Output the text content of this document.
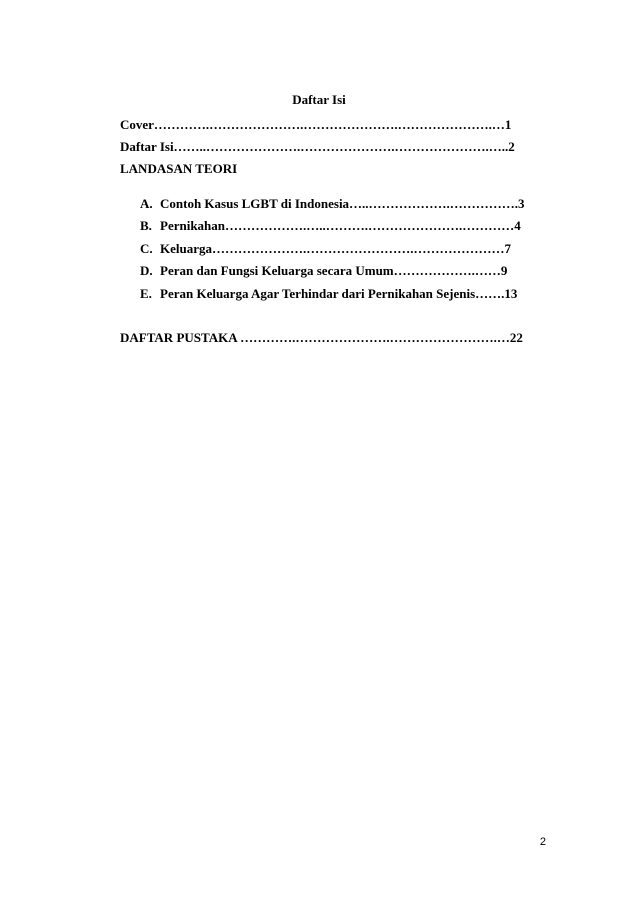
Daftar Isi
Cover………….………………….………………….………………….…1
Daftar Isi……..………………….………………….………………….…..2
LANDASAN TEORI
A. Contoh Kasus LGBT di Indonesia…..……………….…………….3
B. Pernikahan……………….…..……….………………….…………4
C. Keluarga………………….…………………….…………………7
D. Peran dan Fungsi Keluarga secara Umum……………….……9
E. Peran Keluarga Agar Terhindar dari Pernikahan Sejenis…….13
DAFTAR PUSTAKA ………….………………….…………………….…22
2
